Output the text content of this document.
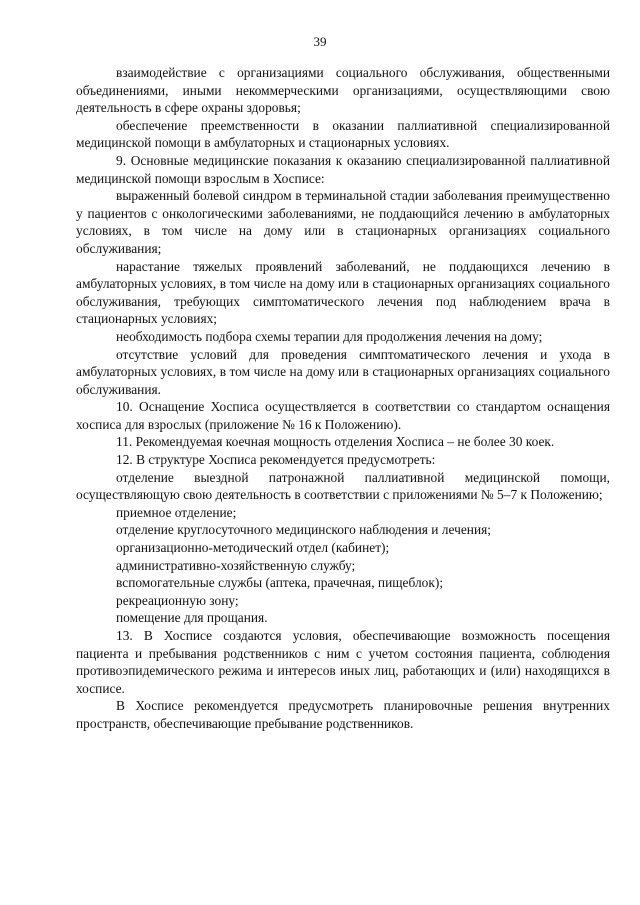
39

взаимодействие с организациями социального обслуживания, общественными объединениями, иными некоммерческими организациями, осуществляющими свою деятельность в сфере охраны здоровья;

обеспечение преемственности в оказании паллиативной специализированной медицинской помощи в амбулаторных и стационарных условиях.

9. Основные медицинские показания к оказанию специализированной паллиативной медицинской помощи взрослым в Хосписе:

выраженный болевой синдром в терминальной стадии заболевания преимущественно у пациентов с онкологическими заболеваниями, не поддающийся лечению в амбулаторных условиях, в том числе на дому или в стационарных организациях социального обслуживания;

нарастание тяжелых проявлений заболеваний, не поддающихся лечению в амбулаторных условиях, в том числе на дому или в стационарных организациях социального обслуживания, требующих симптоматического лечения под наблюдением врача в стационарных условиях;

необходимость подбора схемы терапии для продолжения лечения на дому;

отсутствие условий для проведения симптоматического лечения и ухода в амбулаторных условиях, в том числе на дому или в стационарных организациях социального обслуживания.

10. Оснащение Хосписа осуществляется в соответствии со стандартом оснащения хосписа для взрослых (приложение № 16 к Положению).

11. Рекомендуемая коечная мощность отделения Хосписа – не более 30 коек.

12. В структуре Хосписа рекомендуется предусмотреть:

отделение выездной патронажной паллиативной медицинской помощи, осуществляющую свою деятельность в соответствии с приложениями № 5–7 к Положению;

приемное отделение;

отделение круглосуточного медицинского наблюдения и лечения;

организационно-методический отдел (кабинет);

административно-хозяйственную службу;

вспомогательные службы (аптека, прачечная, пищеблок);

рекреационную зону;

помещение для прощания.

13. В Хосписе создаются условия, обеспечивающие возможность посещения пациента и пребывания родственников с ним с учетом состояния пациента, соблюдения противоэпидемического режима и интересов иных лиц, работающих и (или) находящихся в хосписе.

В Хосписе рекомендуется предусмотреть планировочные решения внутренних пространств, обеспечивающие пребывание родственников.
